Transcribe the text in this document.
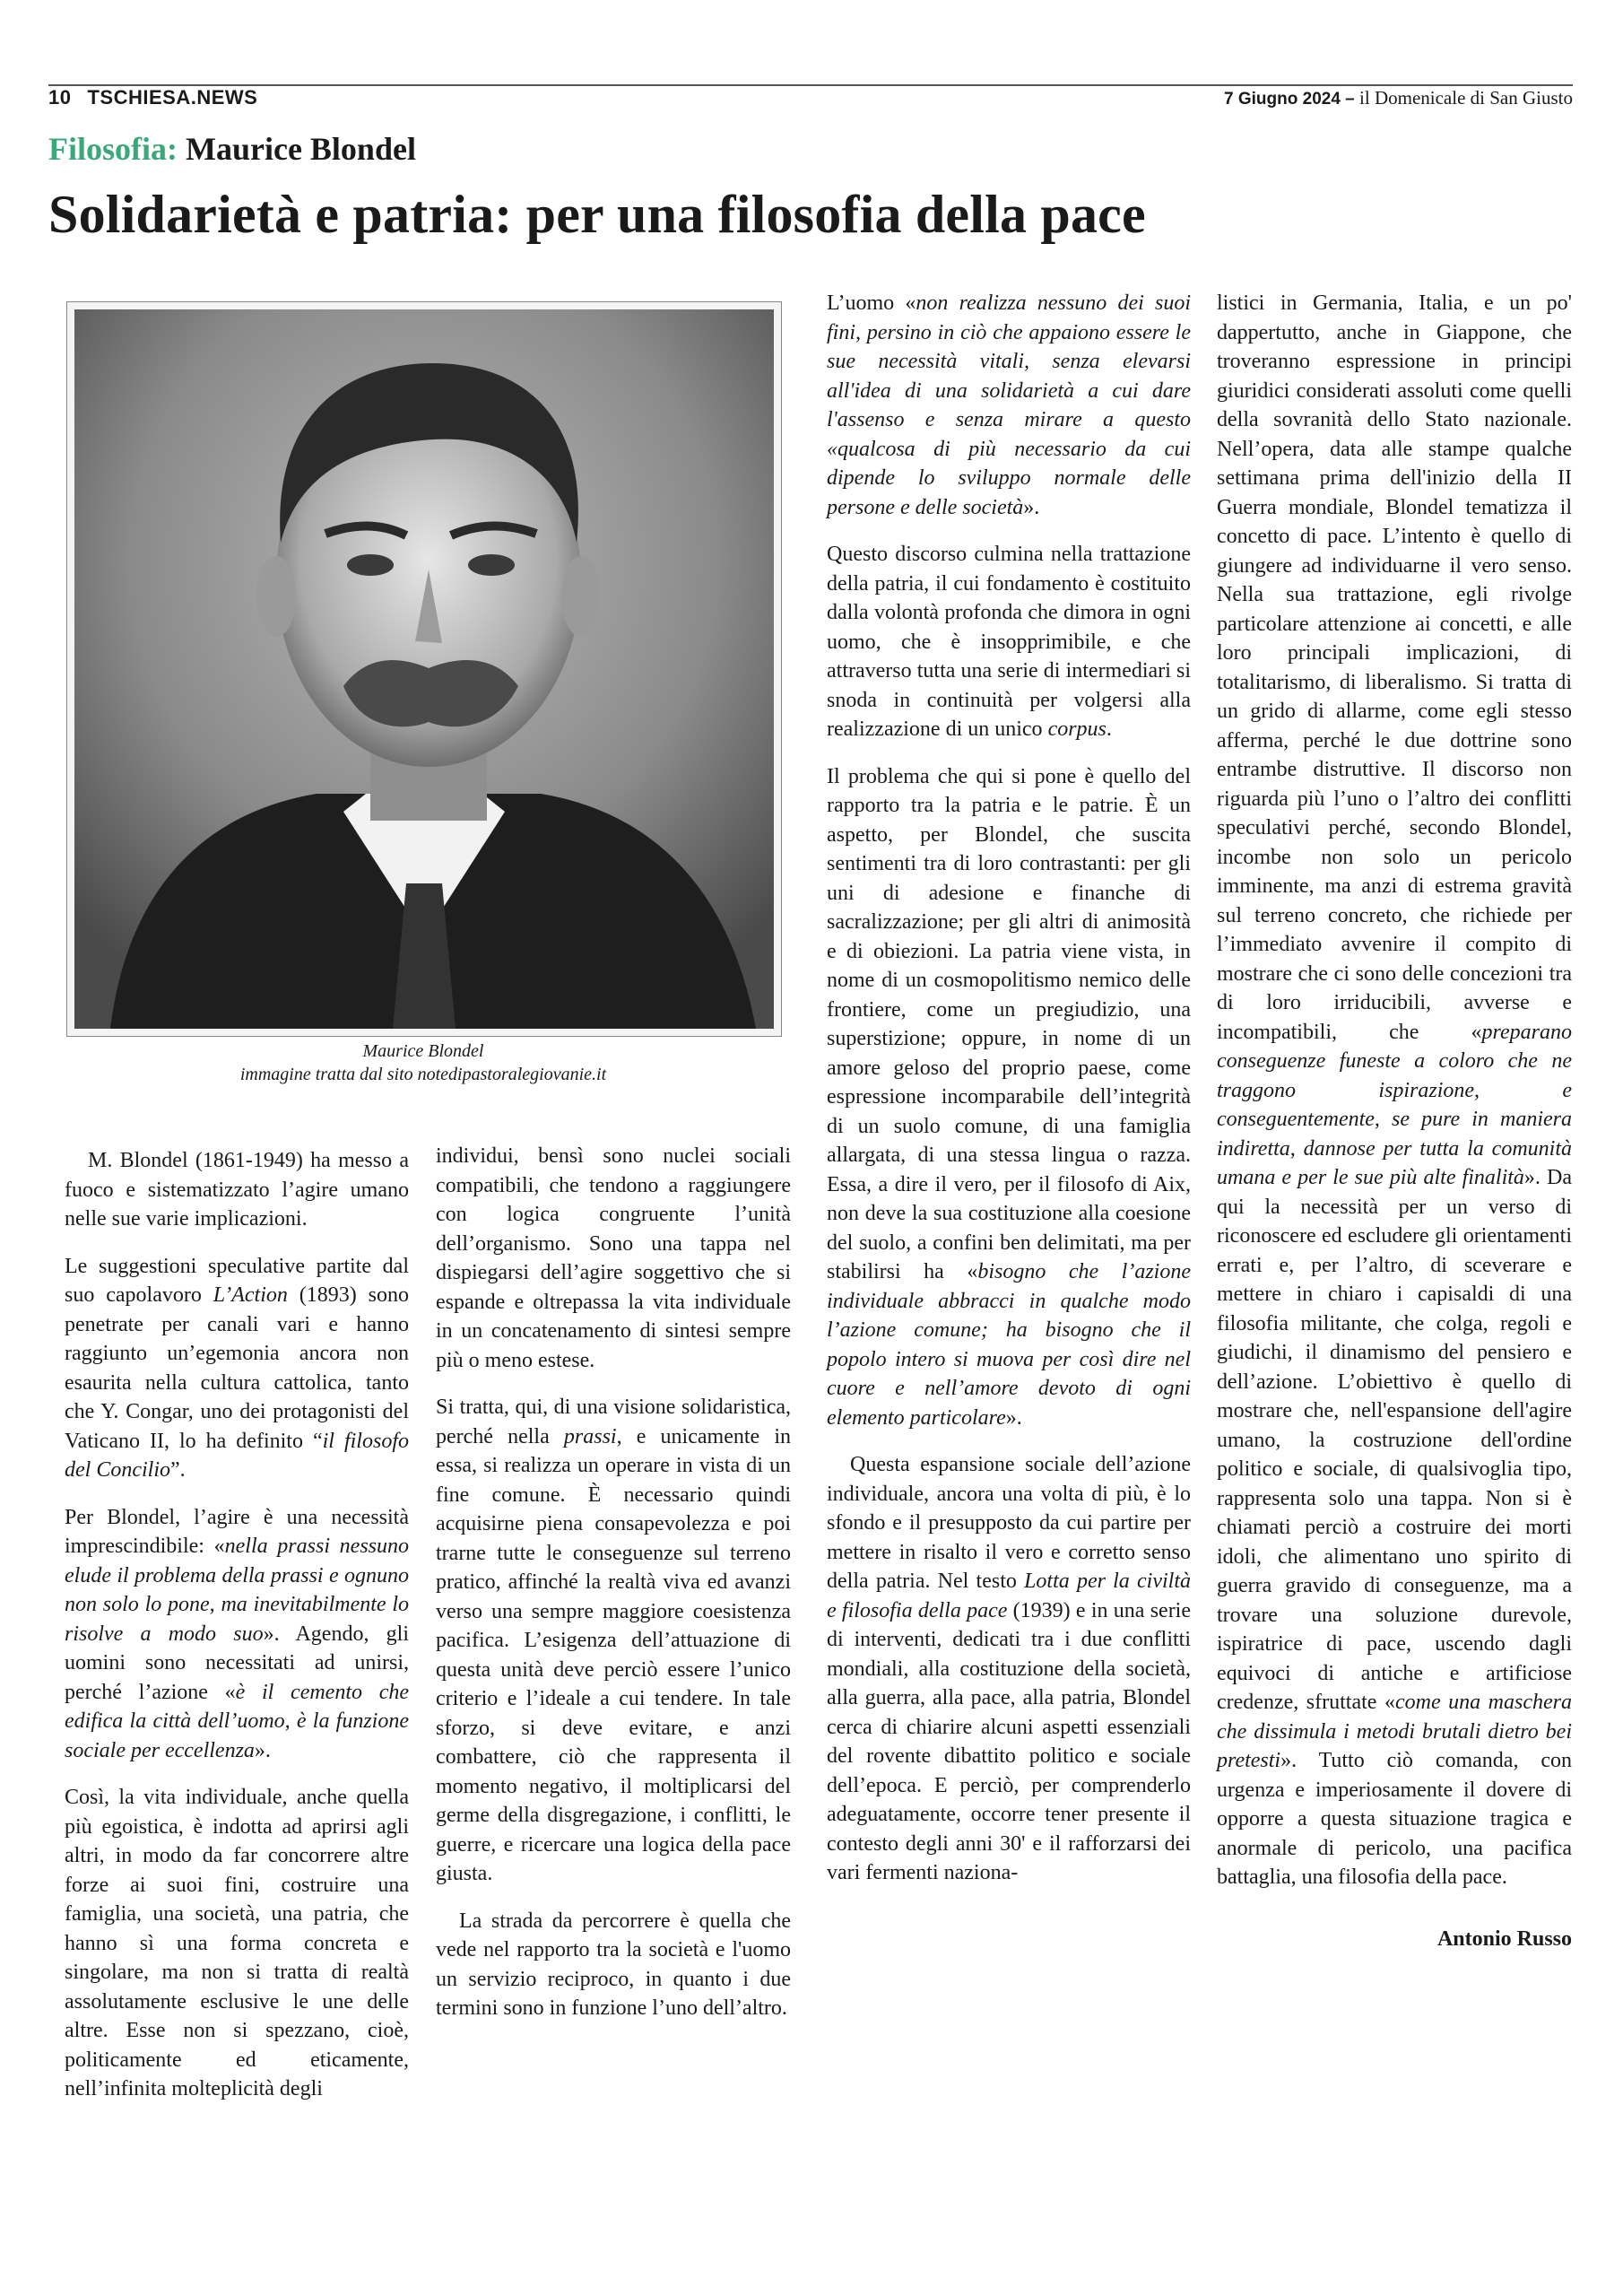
10 TSCHIESA.NEWS	7 Giugno 2024 – il Domenicale di San Giusto
Filosofia: Maurice Blondel
Solidarietà e patria: per una filosofia della pace
Maurice Blondel
immagine tratta dal sito notedipastoralegiovanie.it

M. Blondel (1861-1949) ha messo a fuoco e sistematizzato l’agire umano nelle sue varie implicazioni.

Le suggestioni speculative partite dal suo capolavoro L’Action (1893) sono penetrate per canali vari e hanno raggiunto un’egemonia ancora non esaurita nella cultura cattolica, tanto che Y. Congar, uno dei protagonisti del Vaticano II, lo ha definito “il filosofo del Concilio”.

Per Blondel, l’agire è una necessità imprescindibile: «nella prassi nessuno elude il problema della prassi e ognuno non solo lo pone, ma inevitabilmente lo risolve a modo suo». Agendo, gli uomini sono necessitati ad unirsi, perché l’azione «è il cemento che edifica la città dell’uomo, è la funzione sociale per eccellenza».

Così, la vita individuale, anche quella più egoistica, è indotta ad aprirsi agli altri, in modo da far concorrere altre forze ai suoi fini, costruire una famiglia, una società, una patria, che hanno sì una forma concreta e singolare, ma non si tratta di realtà assolutamente esclusive le une delle altre. Esse non si spezzano, cioè, politicamente ed eticamente, nell’infinita molteplicità degli

individui, bensì sono nuclei sociali compatibili, che tendono a raggiungere con logica congruente l’unità dell’organismo. Sono una tappa nel dispiegarsi dell’agire soggettivo che si espande e oltrepassa la vita individuale in un concatenamento di sintesi sempre più o meno estese.

Si tratta, qui, di una visione solidaristica, perché nella prassi, e unicamente in essa, si realizza un operare in vista di un fine comune. È necessario quindi acquisirne piena consapevolezza e poi trarne tutte le conseguenze sul terreno pratico, affinché la realtà viva ed avanzi verso una sempre maggiore coesistenza pacifica. L’esigenza dell’attuazione di questa unità deve perciò essere l’unico criterio e l’ideale a cui tendere. In tale sforzo, si deve evitare, e anzi combattere, ciò che rappresenta il momento negativo, il moltiplicarsi del germe della disgregazione, i conflitti, le guerre, e ricercare una logica della pace giusta.

La strada da percorrere è quella che vede nel rapporto tra la società e l'uomo un servizio reciproco, in quanto i due termini sono in funzione l’uno dell’altro.

L’uomo «non realizza nessuno dei suoi fini, persino in ciò che appaiono essere le sue necessità vitali, senza elevarsi all'idea di una solidarietà a cui dare l'assenso e senza mirare a questo «qualcosa di più necessario da cui dipende lo sviluppo normale delle persone e delle società».

Questo discorso culmina nella trattazione della patria, il cui fondamento è costituito dalla volontà profonda che dimora in ogni uomo, che è insopprimibile, e che attraverso tutta una serie di intermediari si snoda in continuità per volgersi alla realizzazione di un unico corpus.

Il problema che qui si pone è quello del rapporto tra la patria e le patrie. È un aspetto, per Blondel, che suscita sentimenti tra di loro contrastanti: per gli uni di adesione e finanche di sacralizzazione; per gli altri di animosità e di obiezioni. La patria viene vista, in nome di un cosmopolitismo nemico delle frontiere, come un pregiudizio, una superstizione; oppure, in nome di un amore geloso del proprio paese, come espressione incomparabile dell’integrità di un suolo comune, di una famiglia allargata, di una stessa lingua o razza. Essa, a dire il vero, per il filosofo di Aix, non deve la sua costituzione alla coesione del suolo, a confini ben delimitati, ma per stabilirsi ha «bisogno che l’azione individuale abbracci in qualche modo l’azione comune; ha bisogno che il popolo intero si muova per così dire nel cuore e nell’amore devoto di ogni elemento particolare».

Questa espansione sociale dell’azione individuale, ancora una volta di più, è lo sfondo e il presupposto da cui partire per mettere in risalto il vero e corretto senso della patria. Nel testo Lotta per la civiltà e filosofia della pace (1939) e in una serie di interventi, dedicati tra i due conflitti mondiali, alla costituzione della società, alla guerra, alla pace, alla patria, Blondel cerca di chiarire alcuni aspetti essenziali del rovente dibattito politico e sociale dell’epoca. E perciò, per comprenderlo adeguatamente, occorre tener presente il contesto degli anni 30' e il rafforzarsi dei vari fermenti naziona-

listici in Germania, Italia, e un po' dappertutto, anche in Giappone, che troveranno espressione in principi giuridici considerati assoluti come quelli della sovranità dello Stato nazionale. Nell’opera, data alle stampe qualche settimana prima dell'inizio della II Guerra mondiale, Blondel tematizza il concetto di pace. L’intento è quello di giungere ad individuarne il vero senso. Nella sua trattazione, egli rivolge particolare attenzione ai concetti, e alle loro principali implicazioni, di totalitarismo, di liberalismo. Si tratta di un grido di allarme, come egli stesso afferma, perché le due dottrine sono entrambe distruttive. Il discorso non riguarda più l’uno o l’altro dei conflitti speculativi perché, secondo Blondel, incombe non solo un pericolo imminente, ma anzi di estrema gravità sul terreno concreto, che richiede per l’immediato avvenire il compito di mostrare che ci sono delle concezioni tra di loro irriducibili, avverse e incompatibili, che «preparano conseguenze funeste a coloro che ne traggono ispirazione, e conseguentemente, se pure in maniera indiretta, dannose per tutta la comunità umana e per le sue più alte finalità». Da qui la necessità per un verso di riconoscere ed escludere gli orientamenti errati e, per l’altro, di sceverare e mettere in chiaro i capisaldi di una filosofia militante, che colga, regoli e giudichi, il dinamismo del pensiero e dell’azione. L’obiettivo è quello di mostrare che, nell'espansione dell'agire umano, la costruzione dell'ordine politico e sociale, di qualsivoglia tipo, rappresenta solo una tappa. Non si è chiamati perciò a costruire dei morti idoli, che alimentano uno spirito di guerra gravido di conseguenze, ma a trovare una soluzione durevole, ispiratrice di pace, uscendo dagli equivoci di antiche e artificiose credenze, sfruttate «come una maschera che dissimula i metodi brutali dietro bei pretesti». Tutto ciò comanda, con urgenza e imperiosamente il dovere di opporre a questa situazione tragica e anormale di pericolo, una pacifica battaglia, una filosofia della pace.

Antonio Russo
